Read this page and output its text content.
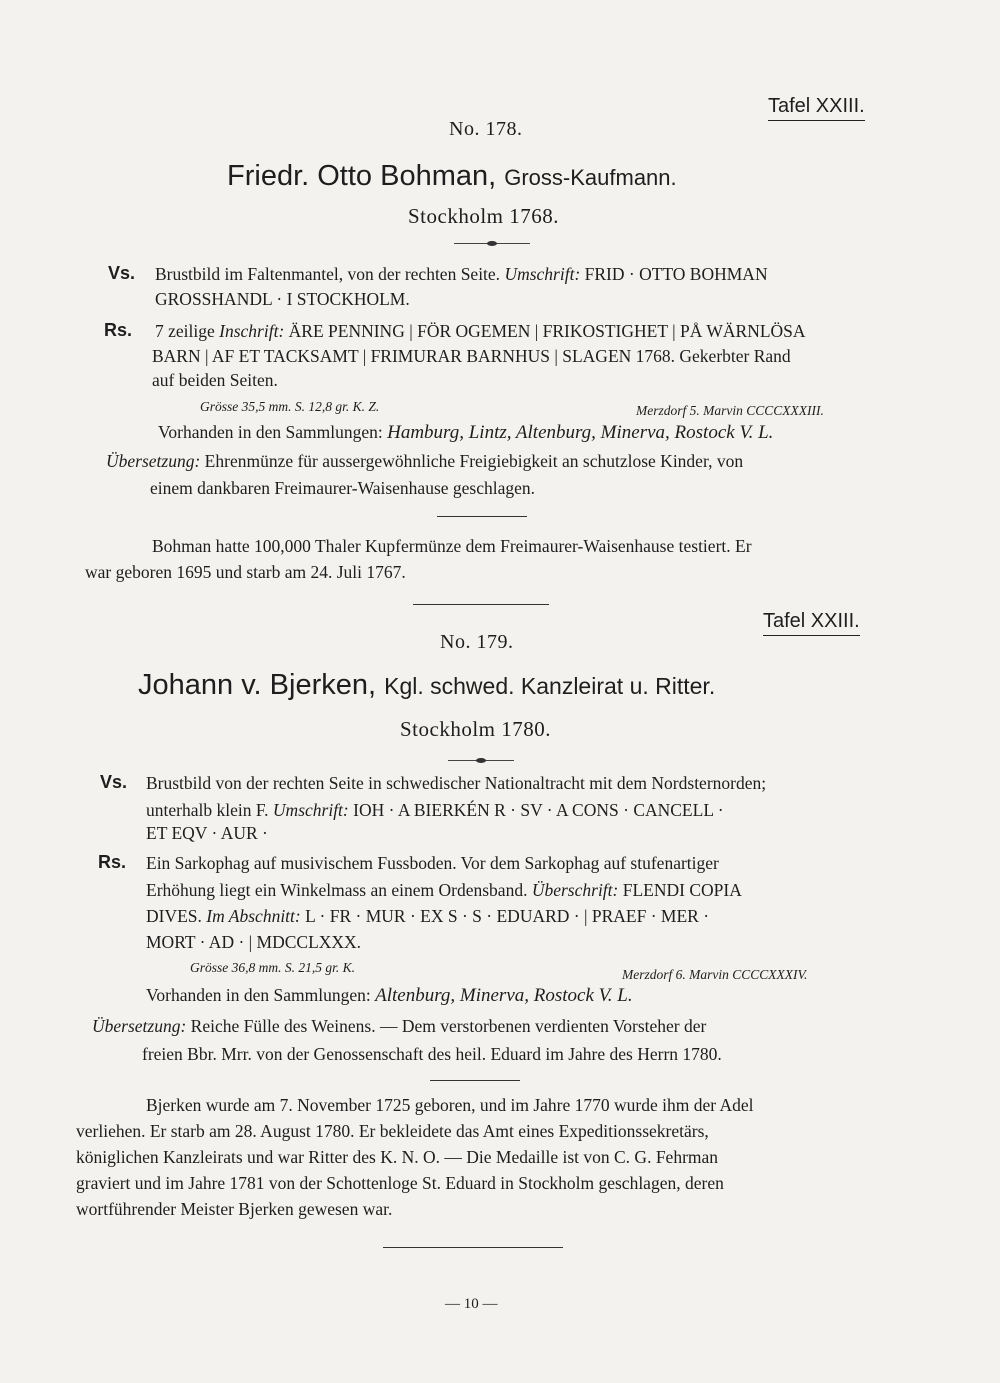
Tafel XXIII.
No. 178.
Friedr. Otto Bohman, Gross-Kaufmann.
Stockholm 1768.
Vs. Brustbild im Faltenmantel, von der rechten Seite. Umschrift: FRID · OTTO BOHMAN
GROSSHANDL · I STOCKHOLM.
Rs. 7 zeilige Inschrift: ÄRE PENNING | FÖR OGEMEN | FRIKOSTIGHET | PÅ WÄRNLÖSA
BARN | AF ET TACKSAMT | FRIMURAR BARNHUS | SLAGEN 1768. Gekerbter Rand
auf beiden Seiten.
Grösse 35,5 mm. S. 12,8 gr. K. Z.	Merzdorf 5. Marvin CCCCXXXIII.
Vorhanden in den Sammlungen: Hamburg, Lintz, Altenburg, Minerva, Rostock V. L.
Übersetzung: Ehrenmünze für aussergewöhnliche Freigiebigkeit an schutzlose Kinder, von
einem dankbaren Freimaurer-Waisenhause geschlagen.
Bohman hatte 100,000 Thaler Kupfermünze dem Freimaurer-Waisenhause testiert. Er
war geboren 1695 und starb am 24. Juli 1767.
Tafel XXIII.
No. 179.
Johann v. Bjerken, Kgl. schwed. Kanzleirat u. Ritter.
Stockholm 1780.
Vs. Brustbild von der rechten Seite in schwedischer Nationaltracht mit dem Nordsternorden;
unterhalb klein F. Umschrift: IOH · A BIERKÉN R · SV · A CONS · CANCELL ·
ET EQV · AUR ·
Rs. Ein Sarkophag auf musivischem Fussboden. Vor dem Sarkophag auf stufenartiger
Erhöhung liegt ein Winkelmass an einem Ordensband. Überschrift: FLENDI COPIA
DIVES. Im Abschnitt: L · FR · MUR · EX S · S · EDUARD · | PRAEF · MER ·
MORT · AD · | MDCCLXXX.
Grösse 36,8 mm. S. 21,5 gr. K.	Merzdorf 6. Marvin CCCCXXXIV.
Vorhanden in den Sammlungen: Altenburg, Minerva, Rostock V. L.
Übersetzung: Reiche Fülle des Weinens. — Dem verstorbenen verdienten Vorsteher der
freien Bbr. Mrr. von der Genossenschaft des heil. Eduard im Jahre des Herrn 1780.
Bjerken wurde am 7. November 1725 geboren, und im Jahre 1770 wurde ihm der Adel
verliehen. Er starb am 28. August 1780. Er bekleidete das Amt eines Expeditionssekretärs,
königlichen Kanzleirats und war Ritter des K. N. O. — Die Medaille ist von C. G. Fehrman
graviert und im Jahre 1781 von der Schottenloge St. Eduard in Stockholm geschlagen, deren
wortführender Meister Bjerken gewesen war.
— 10 —
